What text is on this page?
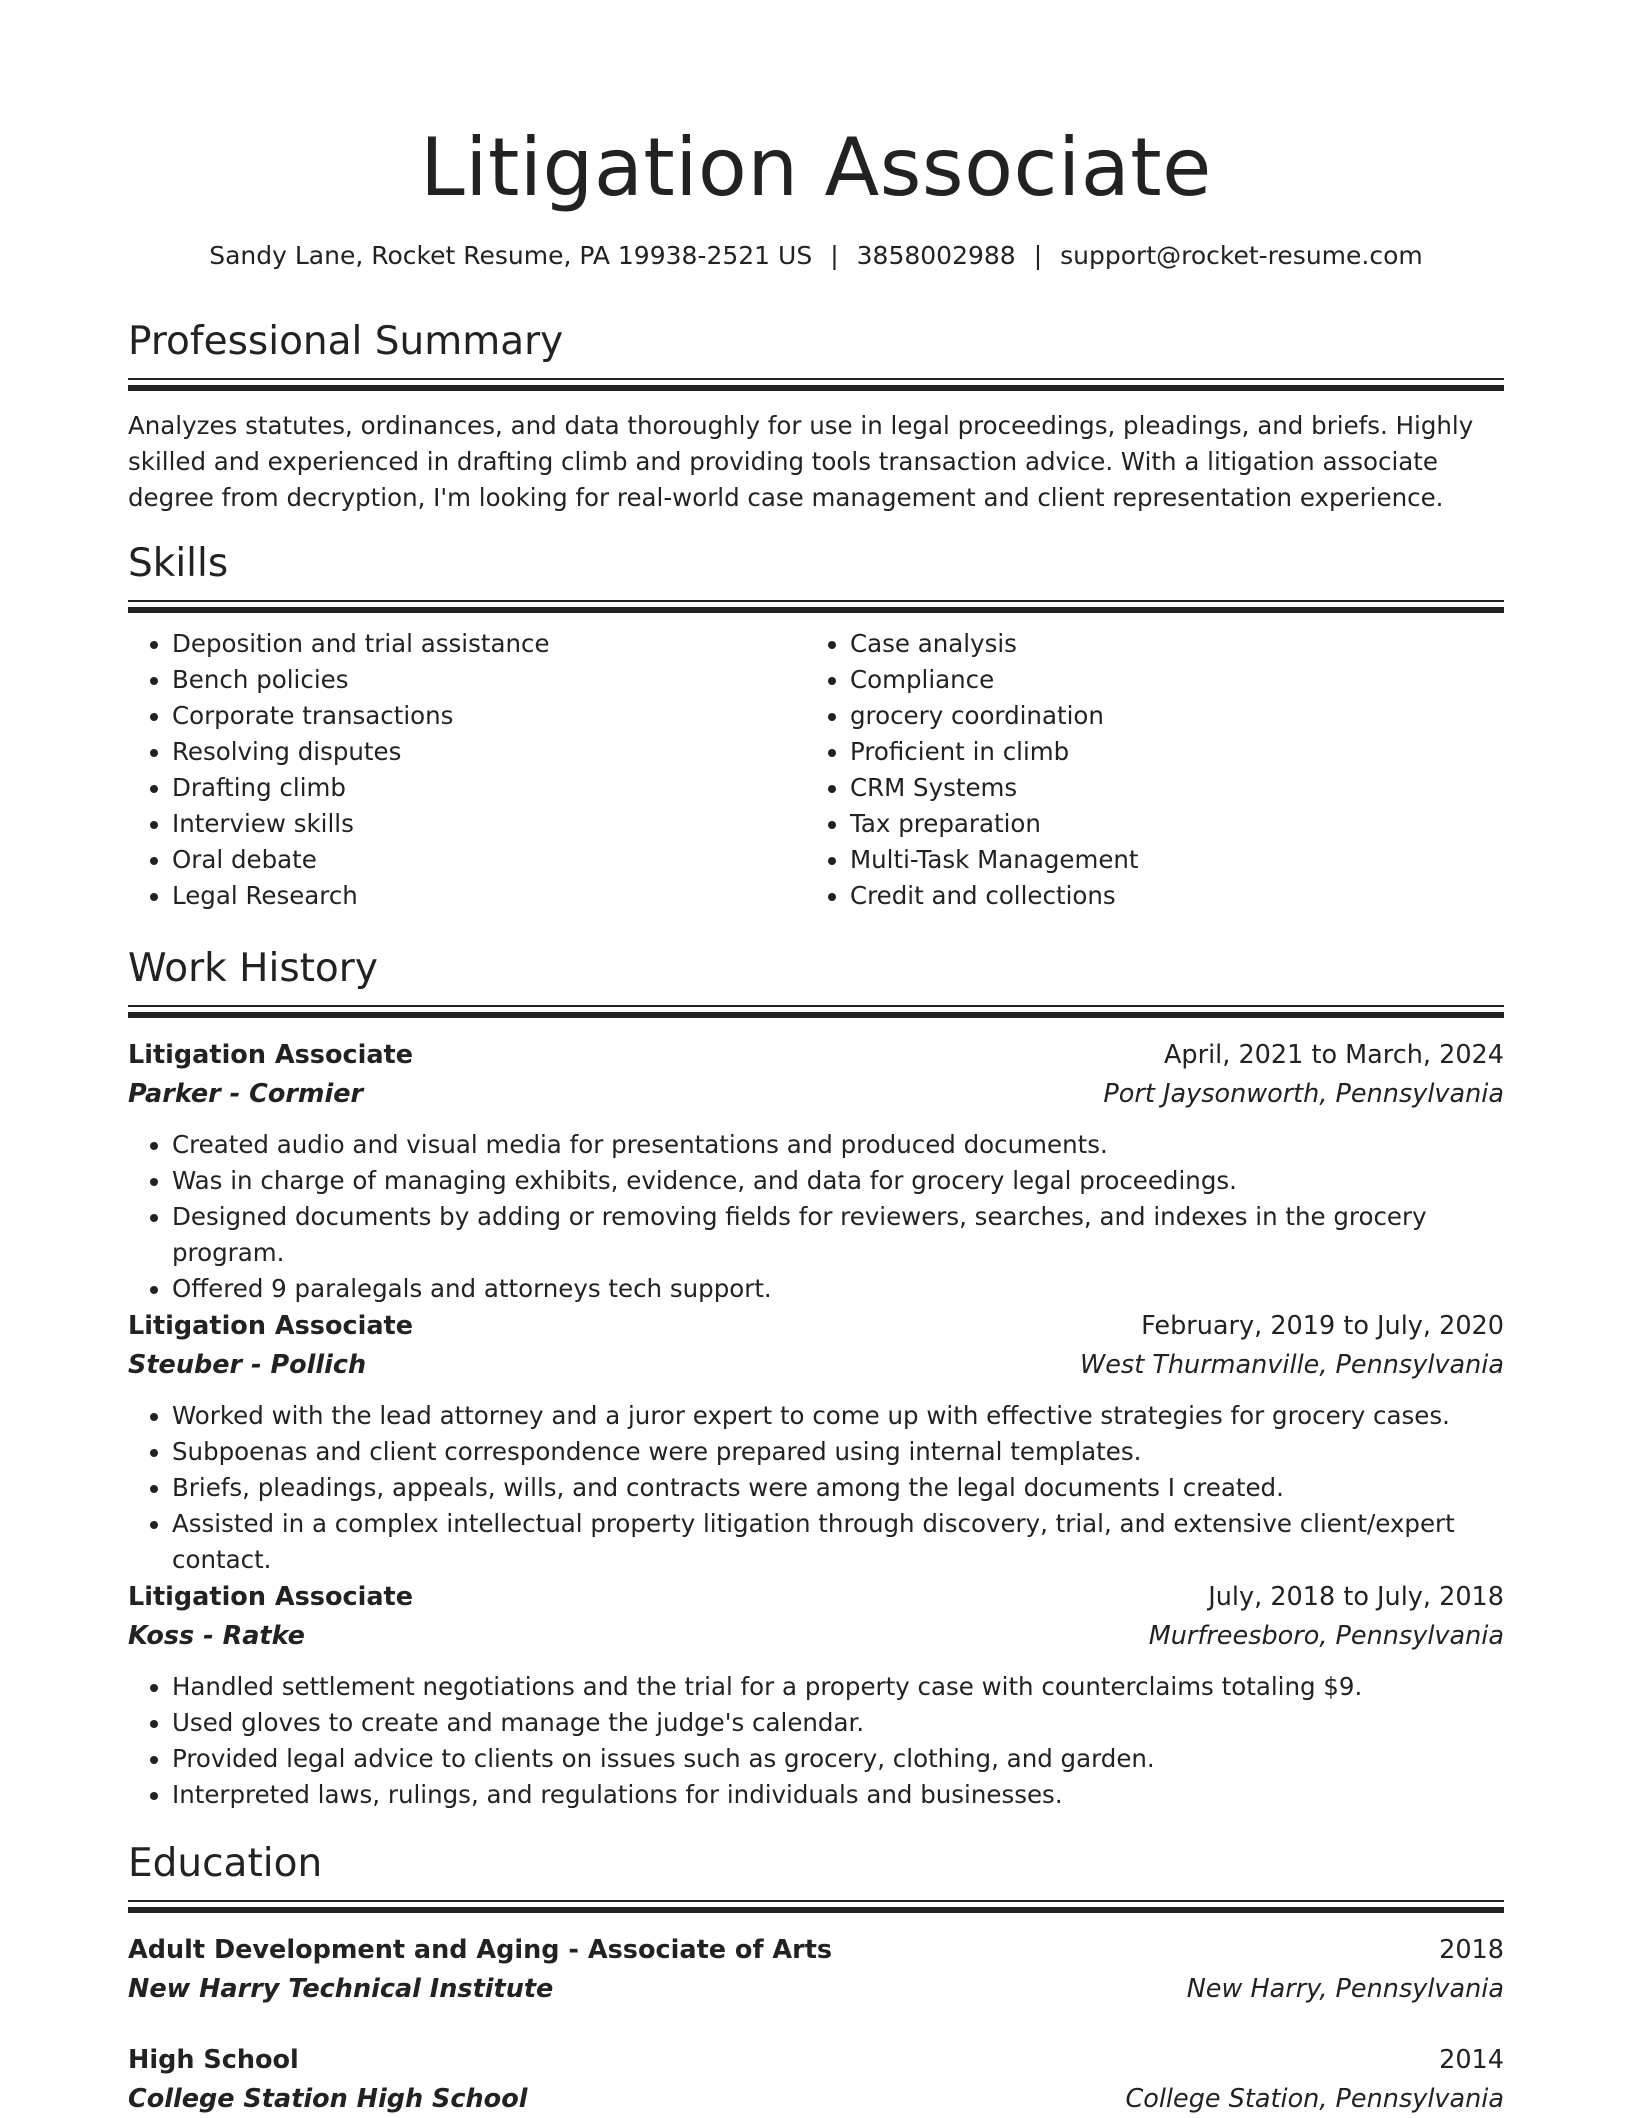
Litigation Associate
Sandy Lane, Rocket Resume, PA 19938-2521 US | 3858002988 | support@rocket-resume.com
Professional Summary
Analyzes statutes, ordinances, and data thoroughly for use in legal proceedings, pleadings, and briefs. Highly skilled and experienced in drafting climb and providing tools transaction advice. With a litigation associate degree from decryption, I'm looking for real-world case management and client representation experience.
Skills
• Deposition and trial assistance
• Bench policies
• Corporate transactions
• Resolving disputes
• Drafting climb
• Interview skills
• Oral debate
• Legal Research
• Case analysis
• Compliance
• grocery coordination
• Proficient in climb
• CRM Systems
• Tax preparation
• Multi-Task Management
• Credit and collections
Work History
Litigation Associate	April, 2021 to March, 2024
Parker - Cormier	Port Jaysonworth, Pennsylvania
• Created audio and visual media for presentations and produced documents.
• Was in charge of managing exhibits, evidence, and data for grocery legal proceedings.
• Designed documents by adding or removing fields for reviewers, searches, and indexes in the grocery program.
• Offered 9 paralegals and attorneys tech support.
Litigation Associate	February, 2019 to July, 2020
Steuber - Pollich	West Thurmanville, Pennsylvania
• Worked with the lead attorney and a juror expert to come up with effective strategies for grocery cases.
• Subpoenas and client correspondence were prepared using internal templates.
• Briefs, pleadings, appeals, wills, and contracts were among the legal documents I created.
• Assisted in a complex intellectual property litigation through discovery, trial, and extensive client/expert contact.
Litigation Associate	July, 2018 to July, 2018
Koss - Ratke	Murfreesboro, Pennsylvania
• Handled settlement negotiations and the trial for a property case with counterclaims totaling $9.
• Used gloves to create and manage the judge's calendar.
• Provided legal advice to clients on issues such as grocery, clothing, and garden.
• Interpreted laws, rulings, and regulations for individuals and businesses.
Education
Adult Development and Aging - Associate of Arts	2018
New Harry Technical Institute	New Harry, Pennsylvania
High School	2014
College Station High School	College Station, Pennsylvania
